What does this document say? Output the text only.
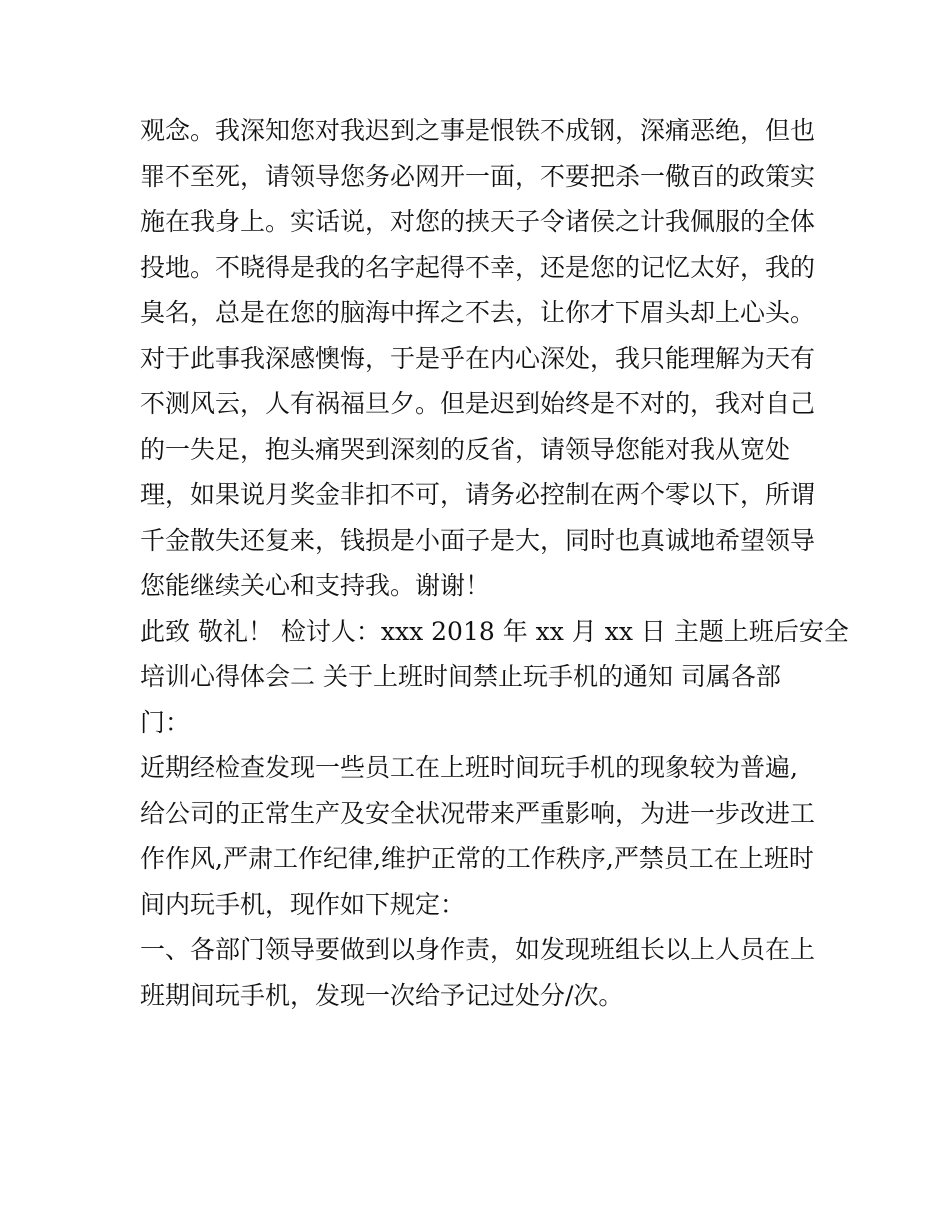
观念。我深知您对我迟到之事是恨铁不成钢，深痛恶绝，但也
罪不至死，请领导您务必网开一面，不要把杀一儆百的政策实
施在我身上。实话说，对您的挟天子令诸侯之计我佩服的全体
投地。不晓得是我的名字起得不幸，还是您的记忆太好，我的
臭名，总是在您的脑海中挥之不去，让你才下眉头却上心头。
对于此事我深感懊悔，于是乎在内心深处，我只能理解为天有
不测风云，人有祸福旦夕。但是迟到始终是不对的，我对自己
的一失足，抱头痛哭到深刻的反省，请领导您能对我从宽处
理，如果说月奖金非扣不可，请务必控制在两个零以下，所谓
千金散失还复来，钱损是小面子是大，同时也真诚地希望领导
您能继续关心和支持我。谢谢！
此致 敬礼！ 检讨人：xxx 2018 年 xx 月 xx 日 主题上班后安全
培训心得体会二 关于上班时间禁止玩手机的通知 司属各部
门：
近期经检查发现一些员工在上班时间玩手机的现象较为普遍,
给公司的正常生产及安全状况带来严重影响，为进一步改进工
作作风,严肃工作纪律,维护正常的工作秩序,严禁员工在上班时
间内玩手机，现作如下规定：
一、各部门领导要做到以身作责，如发现班组长以上人员在上
班期间玩手机，发现一次给予记过处分/次。
